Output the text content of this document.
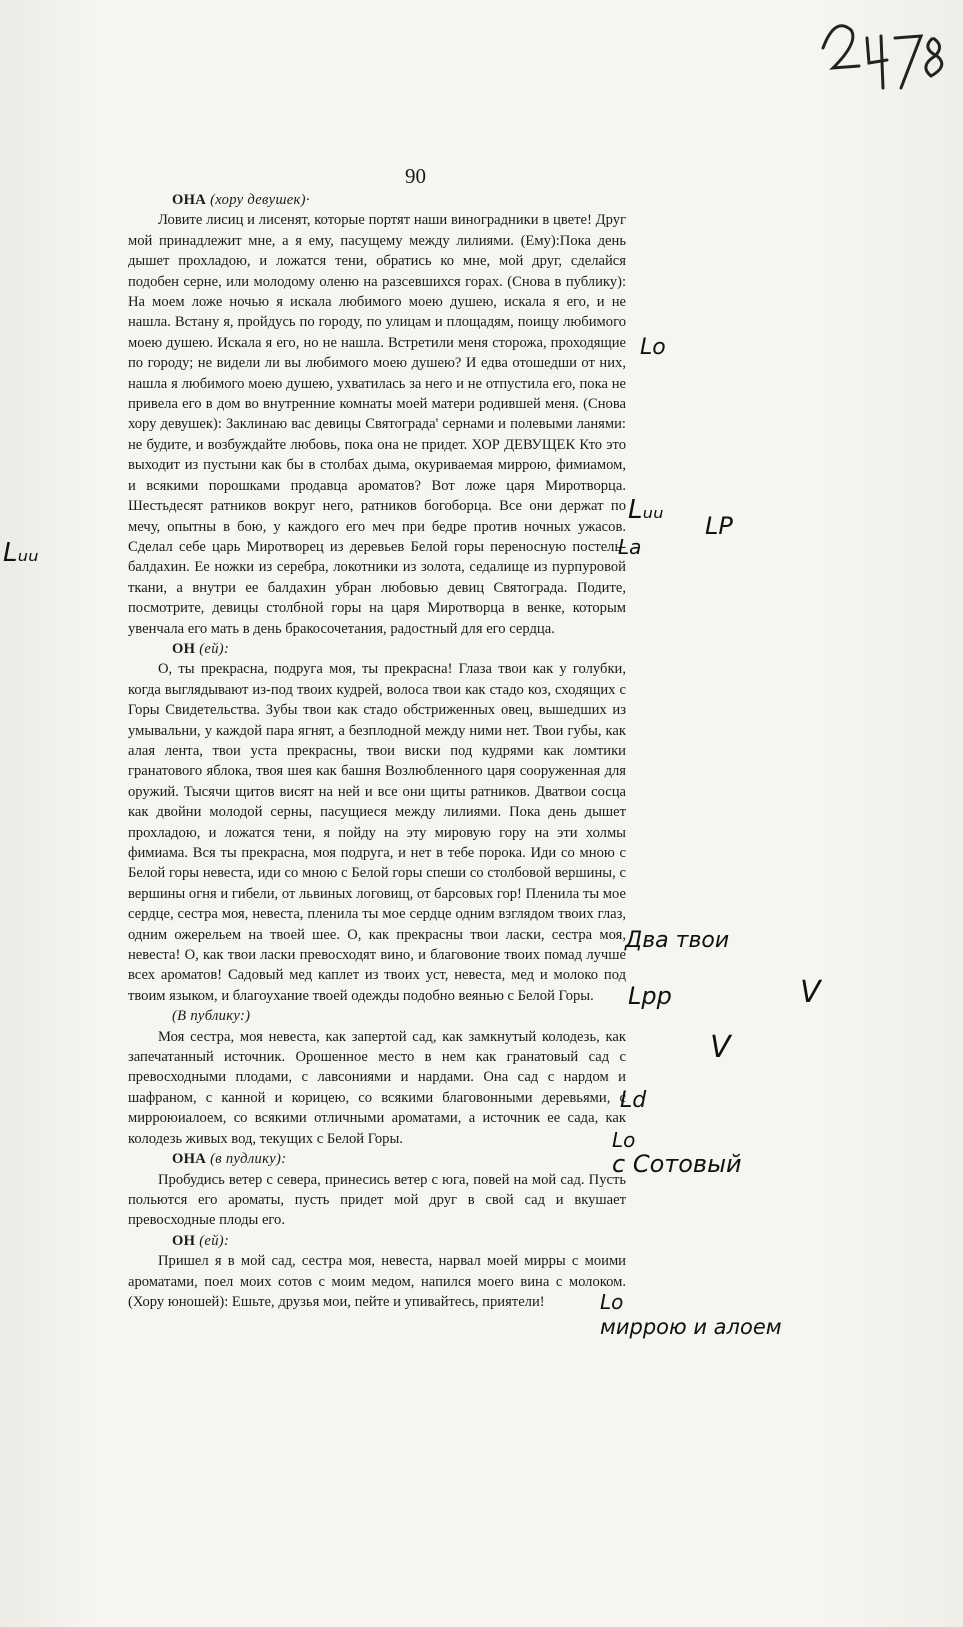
90
ОНА (хору девушек)·

Ловите лисиц и лисенят, которые портят наши виноградники в цвете! Друг мой принадлежит мне, а я ему, пасущему между лилиями. (Ему):Пока день дышет прохладою, и ложатся тени, обратись ко мне, мой друг, сделайся подобен серне, или молодому оленю на разсевшихся горах. (Снова в публику): На моем ложе ночью я искала любимого моею душею, искала я его, и не нашла. Встану я, пройдусь по городу, по улицам и площадям, поищу любимого моею душею. Искала я его, но не нашла. Встретили меня сторожа, проходящие по городу; не видели ли вы любимого моею душею? И едва отошедши от них, нашла я любимого моею душею, ухватилась за него и не отпустила его, пока не привела его в дом во внутренние комнаты моей матери родившей меня. (Снова хору девушек): Заклинаю вас девицы Святограда' сернами и полевыми ланями: не будите, и возбуждайте любовь, пока она не придет. ХОР ДЕВУЩЕК Кто это выходит из пустыни как бы в столбах дыма, окуриваемая миррою, фимиамом, и всякими порошками продавца ароматов? Вот ложе царя Миротворца. Шестьдесят ратников вокруг него, ратников богоборца. Все они держат по мечу, опытны в бою, у каждого его меч при бедре против ночных ужасов. Сделал себе царь Миротворец из деревьев Белой горы переносную постель-балдахин. Ее ножки из серебра, локотники из золота, седалище из пурпуровой ткани, а внутри ее балдахин убран любовью девиц Святограда. Подите, посмотрите, девицы столбной горы на царя Миротворца в венке, которым увенчала его мать в день бракосочетания, радостный для его сердца.

ОН (ей):

О, ты прекрасна, подруга моя, ты прекрасна! Глаза твои как у голубки, когда выглядывают из-под твоих кудрей, волоса твои как стадо коз, сходящих с Горы Свидетельства. Зубы твои как стадо обстриженных овец, вышедших из умывальни, у каждой пара ягнят, а безплодной между ними нет. Твои губы, как алая лента, твои уста прекрасны, твои виски под кудрями как ломтики гранатового яблока, твоя шея как башня Возлюбленного царя сооруженная для оружий. Тысячи щитов висят на ней и все они щиты ратников. Дватвои сосца как двойни молодой серны, пасущиеся между лилиями. Пока день дышет прохладою, и ложатся тени, я пойду на эту мировую гору на эти холмы фимиама. Вся ты прекрасна, моя подруга, и нет в тебе порока. Иди со мною с Белой горы невеста, иди со мною с Белой горы спеши со столбовой вершины, с вершины огня и гибели, от львиных логовищ, от барсовых гор! Пленила ты мое сердце, сестра моя, невеста, пленила ты мое сердце одним взглядом твоих глаз, одним ожерельем на твоей шее. О, как прекрасны твои ласки, сестра моя, невеста! О, как твои ласки превосходят вино, и благовоние твоих помад лучше всех ароматов! Садовый мед каплет из твоих уст, невеста, мед и молоко под твоим языком, и благоухание твоей одежды подобно веянью с Белой Горы.

(В публику:)

Моя сестра, моя невеста, как запертой сад, как замкнутый колодезь, как запечатанный источник. Орошенное место в нем как гранатовый сад с превосходными плодами, с лавсониями и нардами. Она сад с нардом и шафраном, с канной и корицею, со всякими благовонными деревьями, с мирроюиалоем, со всякими отличными ароматами, а источник ее сада, как колодезь живых вод, текущих с Белой Горы.

ОНА (в пудлику):

Пробудись ветер с севера, принесись ветер с юга, повей на мой сад. Пусть польются его ароматы, пусть придет мой друг в свой сад и вкушает превосходные плоды его.

ОН (ей):

Пришел я в мой сад, сестра моя, невеста, нарвал моей мирры с моими ароматами, поел моих сотов с моим медом, напился моего вина с молоком. (Хору юношей): Ешьте, друзья мои, пейте и упивайтесь, приятели!

Lo
Lᵤᵤ
LP
La
Lᵤᵤ
Два твои
Lpp	V
V
Ld
Lo
с Сотовый
Lo
миррою и алоем
